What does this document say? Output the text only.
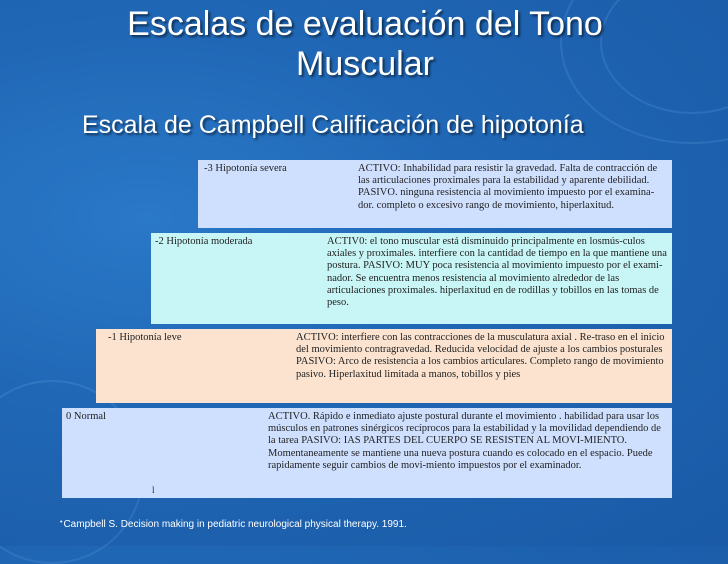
Escalas de evaluación del Tono Muscular
Escala de Campbell Calificación de hipotonía
-3 Hipotonía severa	ACTIVO: Inhabilidad para resistir la gravedad. Falta de contracción de las articulaciones proximales para la estabilidad y aparente debilidad. PASIVO. ninguna resistencia al movimiento impuesto por el examina-dor. completo o excesivo rango de movimiento, hiperlaxitud.
-2 Hipotonía moderada	ACTIV0: el tono muscular está disminuido principalmente en losmús-culos axiales y proximales. interfiere con la cantidad de tiempo en la que mantiene una postura. PASIVO: MUY poca resistencia al movimiento impuesto por el exami-nador. Se encuentra menos resistencia al movimiento alrededor de las articulaciones proximales. hiperlaxitud en de rodillas y tobillos en las tomas de peso.
-1 Hipotonía leve	ACTIVO: interfiere con las contracciones de la musculatura axial . Re-traso en el inicio del movimiento contragravedad. Reducida velocidad de ajuste a los cambios posturales PASIVO: Arco de resistencia a los cambios articulares. Completo rango de movimiento pasivo. Hiperlaxitud limitada a manos, tobillos y pies
0 Normal	ACTIVO. Rápido e inmediato ajuste postural durante el movimiento . habilidad para usar los músculos en patrones sinérgicos recíprocos para la estabilidad y la movilidad dependiendo de la tarea PASIVO: IAS PARTES DEL CUERPO SE RESISTEN AL MOVI-MIENTO. Momentaneamente se mantiene una nueva postura cuando es colocado en el espacio. Puede rapidamente seguir cambios de movi-miento impuestos por el examinador.
l
•Campbell S. Decision making in pediatric neurological physical therapy. 1991.
